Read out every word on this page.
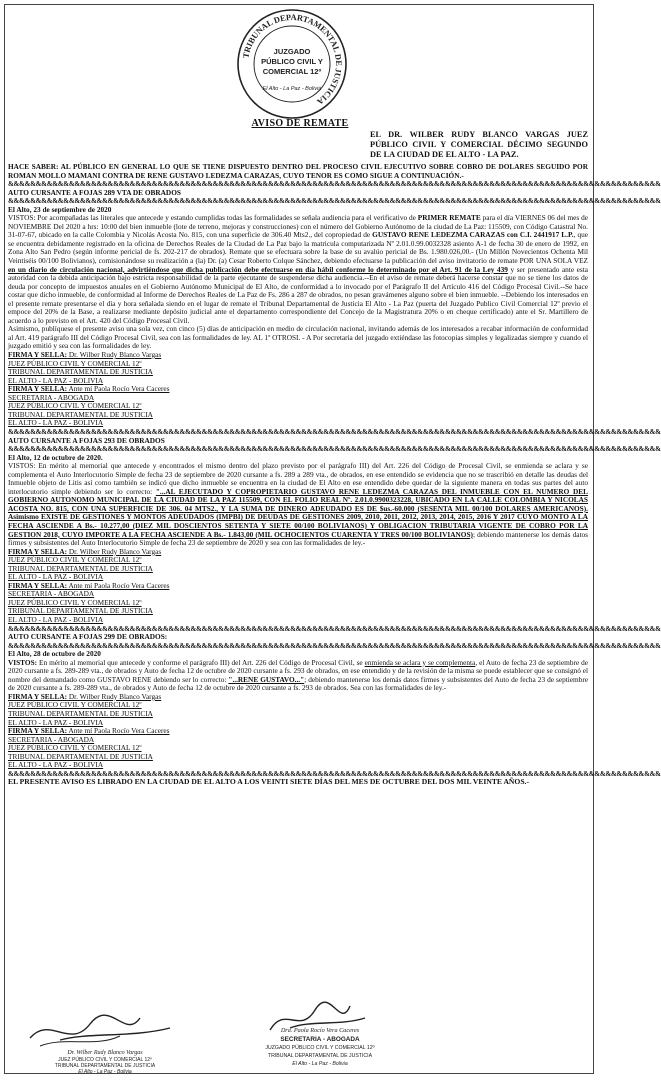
TRIBUNAL DEPARTAMENTAL DE JUSTICIA
JUZGADO
PÚBLICO CIVIL Y
COMERCIAL 12º
El Alto - La Paz - Bolivia
AVISO DE REMATE
EL DR. WILBER RUDY BLANCO VARGAS JUEZ PÚBLICO CIVIL Y COMERCIAL DÉCIMO SEGUNDO DE LA CIUDAD DE EL ALTO - LA PAZ.

HACE SABER: AL PÚBLICO EN GENERAL LO QUE SE TIENE DISPUESTO DENTRO DEL PROCESO CIVIL EJECUTIVO SOBRE COBRO DE DOLARES SEGUIDO POR ROMAN MOLLO MAMANI CONTRA DE RENE GUSTAVO LEDEZMA CARAZAS, CUYO TENOR ES COMO SIGUE A CONTINUACIÓN.-

&&&&&&&&&&&&&&&&&&&&&&&&&&&&&&&&&&&&&&&&&&&&&&&&&&&&&&&&&&&&&&&&&&&&&&&&&&&&&&&&&&&&&&&&&&&&&&&&&&&&&&&&&&&&&&&&&&&&&&

AUTO CURSANTE A FOJAS 289 VTA DE OBRADOS

&&&&&&&&&&&&&&&&&&&&&&&&&&&&&&&&&&&&&&&&&&&&&&&&&&&&&&&&&&&&&&&&&&&&&&&&&&&&&&&&&&&&&&&&&&&&&&&&&&&&&&&&&&&&&&&&&&&&&&

El Alto, 23 de septiembre de 2020

VISTOS: Por acompañadas las literales que antecede y estando cumplidas todas las formalidades se señala audiencia para el verificativo de PRIMER REMATE para el día VIERNES 06 del mes de NOVIEMBRE Del 2020 a hrs: 10:00 del bien inmueble (lote de terreno, mejoras y construcciones) con el número del Gobierno Autónomo de la ciudad de La Paz: 115509, con Código Catastral No. 31-07-67, ubicado en la calle Colombia y Nicolás Acosta No. 815, con una superficie de 306.40 Mts2., del copropiedad de GUSTAVO RENE LEDEZMA CARAZAS con C.I. 2441917 L.P., que se encuentra debidamente registrado en la oficina de Derechos Reales de la Ciudad de La Paz bajo la matricula computarizada Nº 2.01.0.99.0032328 asiento A-1 de fecha 30 de enero de 1992, en Zona Alto San Pedro (según informe pericial de fs. 202-217 de obrados). Remate que se efectuara sobre la base de su avalúo pericial de Bs. 1.980.026,00.- (Un Millón Novecientos Ochenta Mil Veintiséis 00/100 Bolivianos), comisionándose su realización a (la) Dr. (a) Cesar Roberto Colque Sánchez, debiendo efectuarse la publicación del aviso invitatorio de remate POR UNA SOLA VEZ en un diario de circulación nacional, advirtiéndose que dicha publicación debe efectuarse en día hábil conforme lo determinado por el Art. 91 de la Ley 439 y ser presentado ante esta autoridad con la debida anticipación bajo estricta responsabilidad de la parte ejecutante de suspenderse dicha audiencia.--En el aviso de remate deberá hacerse constar que no se tiene los datos de deuda por concepto de impuestos anuales en el Gobierno Autónomo Municipal de El Alto, de conformidad a lo invocado por el Parágrafo II del Artículo 416 del Código Procesal Civil.--Se hace costar que dicho inmueble, de conformidad al Informe de Derechos Reales de La Paz de Fs. 286 a 287 de obrados, no pesan gravámenes alguno sobre el bien inmueble. --Debiendo los interesados en el presente remate presentarse el día y hora señalada siendo en el lugar de remate el Tribunal Departamental de Justicia El Alto - La Paz (puerta del Juzgado Publico Civil Comercial 12º previo el empoce del 20% de la Base, a realizarse mediante depósito judicial ante el departamento correspondiente del Concejo de la Magistratura 20% o en cheque certificado) ante el Sr. Martillero de acuerdo a lo previsto en el Art. 420 del Código Procesal Civil.

Asimismo, publíquese el presente aviso una sola vez, con cinco (5) días de anticipación en medio de circulación nacional, invitando además de los interesados a recabar información de conformidad al Art. 419 parágrafo III del Código Procesal Civil, sea con las formalidades de ley. AL 1º OTROSI. - A Por secretaria del juzgado extiéndase las fotocopias simples y legalizadas siempre y cuando el juzgado emitió y sea con las formalidades de ley.

FIRMA Y SELLA: Dr. Wilber Rudy Blanco Vargas
JUEZ PÚBLICO CIVIL Y COMERCIAL 12º
TRIBUNAL DEPARTAMENTAL DE JUSTICIA
EL ALTO - LA PAZ - BOLIVIA
FIRMA Y SELLA: Ante mí Paola Rocío Vera Caceres
SECRETARIA - ABOGADA
JUEZ PÚBLICO CIVIL Y COMERCIAL 12º
TRIBUNAL DEPARTAMENTAL DE JUSTICIA
EL ALTO - LA PAZ - BOLIVIA
&&&&&&&&&&&&&&&&&&&&&&&&&&&&&&&&&&&&&&&&&&&&&&&&&&&&&&&&&&&&&&&&&&&&&&&&&&&&&&&&&&&&&&&&&&&&&&&&&&&&&&&&&&&&&&&&&&&&&&

AUTO CURSANTE A FOJAS 293 DE OBRADOS

&&&&&&&&&&&&&&&&&&&&&&&&&&&&&&&&&&&&&&&&&&&&&&&&&&&&&&&&&&&&&&&&&&&&&&&&&&&&&&&&&&&&&&&&&&&&&&&&&&&&&&&&&&&&&&&&&&&&&&

El Alto, 12 de octubre de 2020.

VISTOS: En mérito al memorial que antecede y encontrados el mismo dentro del plazo previsto por el parágrafo III) del Art. 226 del Código de Procesal Civil, se enmienda se aclara y se complementa el Auto Interlocutorio Simple de fecha 23 de septiembre de 2020 cursante a fs. 289 a 289 vta., de obrados, en ese entendido se evidencia que no se trascribió en detalle las deudas del Inmueble objeto de Litis así como también se indicó que dicho inmueble se encuentra en la ciudad de El Alto en ese entendido debe quedar de la siguiente manera en todas sus partes del auto interlocutorio simple debiendo ser lo correcto: "...AL EJECUTADO Y COPROPIETARIO GUSTAVO RENE LEDEZMA CARAZAS DEL INMUEBLE CON EL NUMERO DEL GOBIERNO AUTONOMO MUNICIPAL DE LA CIUDAD DE LA PAZ 115509, CON EL FOLIO REAL Nº. 2.01.0.9900323228, UBICADO EN LA CALLE COLOMBIA Y NICOLAS ACOSTA NO. 815, CON UNA SUPERFICIE DE 306. 04 MTS2., Y LA SUMA DE DINERO ADEUDADO ES DE $us.-60.000 (SESENTA MIL 00/100 DOLARES AMERICANOS). Asimismo EXISTE DE GESTIONES Y MONTOS ADEUDADOS (IMPBI) DE DEUDAS DE GESTIONES 2009, 2010, 2011, 2012, 2013, 2014, 2015, 2016 Y 2017 CUYO MONTO A LA FECHA ASCIENDE A Bs.- 10.277,00 (DIEZ MIL DOSCIENTOS SETENTA Y SIETE 00/100 BOLIVIANOS) Y OBLIGACION TRIBUTARIA VIGENTE DE COBRO POR LA GESTION 2018, CUYO IMPORTE A LA FECHA ASCIENDE A Bs.- 1.843,00 (MIL OCHOCIENTOS CUARENTA Y TRES 00/100 BOLIVIANOS); debiendo mantenerse los demás datos firmes y subsistentes del Auto Interlocutorio Simple de fecha 23 de septiembre de 2020 y sea con las formalidades de ley.-

FIRMA Y SELLA: Dr. Wilber Rudy Blanco Vargas
JUEZ PÚBLICO CIVIL Y COMERCIAL 12º
TRIBUNAL DEPARTAMENTAL DE JUSTICIA
EL ALTO - LA PAZ - BOLIVIA
FIRMA Y SELLA: Ante mí Paola Rocío Vera Caceres
SECRETARIA - ABOGADA
JUEZ PÚBLICO CIVIL Y COMERCIAL 12º
TRIBUNAL DEPARTAMENTAL DE JUSTICIA
EL ALTO - LA PAZ - BOLIVIA
&&&&&&&&&&&&&&&&&&&&&&&&&&&&&&&&&&&&&&&&&&&&&&&&&&&&&&&&&&&&&&&&&&&&&&&&&&&&&&&&&&&&&&&&&&&&&&&&&&&&&&&&&&&&&&&&&&&&&&

AUTO CURSANTE A FOJAS 299 DE OBRADOS:

&&&&&&&&&&&&&&&&&&&&&&&&&&&&&&&&&&&&&&&&&&&&&&&&&&&&&&&&&&&&&&&&&&&&&&&&&&&&&&&&&&&&&&&&&&&&&&&&&&&&&&&&&&&&&&&&&&&&&&

El Alto, 28 de octubre de 2020

VISTOS: En mérito al memorial que antecede y conforme el parágrafo III) del Art. 226 del Código de Procesal Civil, se enmienda se aclara y se complementa, el Auto de fecha 23 de septiembre de 2020 cursante a fs. 289-289 vta., de obrados y Auto de fecha 12 de octubre de 2020 cursante a fs. 293 de obrados, en ese entendido y de la revisión de la misma se puede establecer que se consignó el nombre del demandado como GUSTAVO RENE debiendo ser lo correcto: "...RENE GUSTAVO..."; debiendo mantenerse los demás datos firmes y subsistentes del Auto de fecha 23 de septiembre de 2020 cursante a fs. 289-289 vta., de obrados y Auto de fecha 12 de octubre de 2020 cursante a fs. 293 de obrados. Sea con las formalidades de ley.-

FIRMA Y SELLA: Dr. Wilber Rudy Blanco Vargas
JUEZ PÚBLICO CIVIL Y COMERCIAL 12º
TRIBUNAL DEPARTAMENTAL DE JUSTICIA
EL ALTO - LA PAZ - BOLIVIA
FIRMA Y SELLA: Ante mí Paola Rocío Vera Caceres
SECRETARIA - ABOGADA
JUEZ PÚBLICO CIVIL Y COMERCIAL 12º
TRIBUNAL DEPARTAMENTAL DE JUSTICIA
EL ALTO - LA PAZ - BOLIVIA
&&&&&&&&&&&&&&&&&&&&&&&&&&&&&&&&&&&&&&&&&&&&&&&&&&&&&&&&&&&&&&&&&&&&&&&&&&&&&&&&&&&&&&&&&&&&&&&&&&&&&&&&&&&&&&&&&&&&&&

EL PRESENTE AVISO ES LIBRADO EN LA CIUDAD DE EL ALTO A LOS VEINTI SIETE DÍAS DEL MES DE OCTUBRE DEL DOS MIL VEINTE AÑOS.-

Dr. Wilber Rudy Blanco Vargas
JUEZ PÚBLICO CIVIL Y COMERCIAL 12º
TRIBUNAL DEPARTAMENTAL DE JUSTICIA
El Alto - La Paz - Bolivia
Dra. Paola Rocío Vera Caceres
SECRETARIA - ABOGADA
JUZGADO PÚBLICO CIVIL Y COMERCIAL 12º
TRIBUNAL DEPARTAMENTAL DE JUSTICIA
El Alto - La Paz - Bolivia
